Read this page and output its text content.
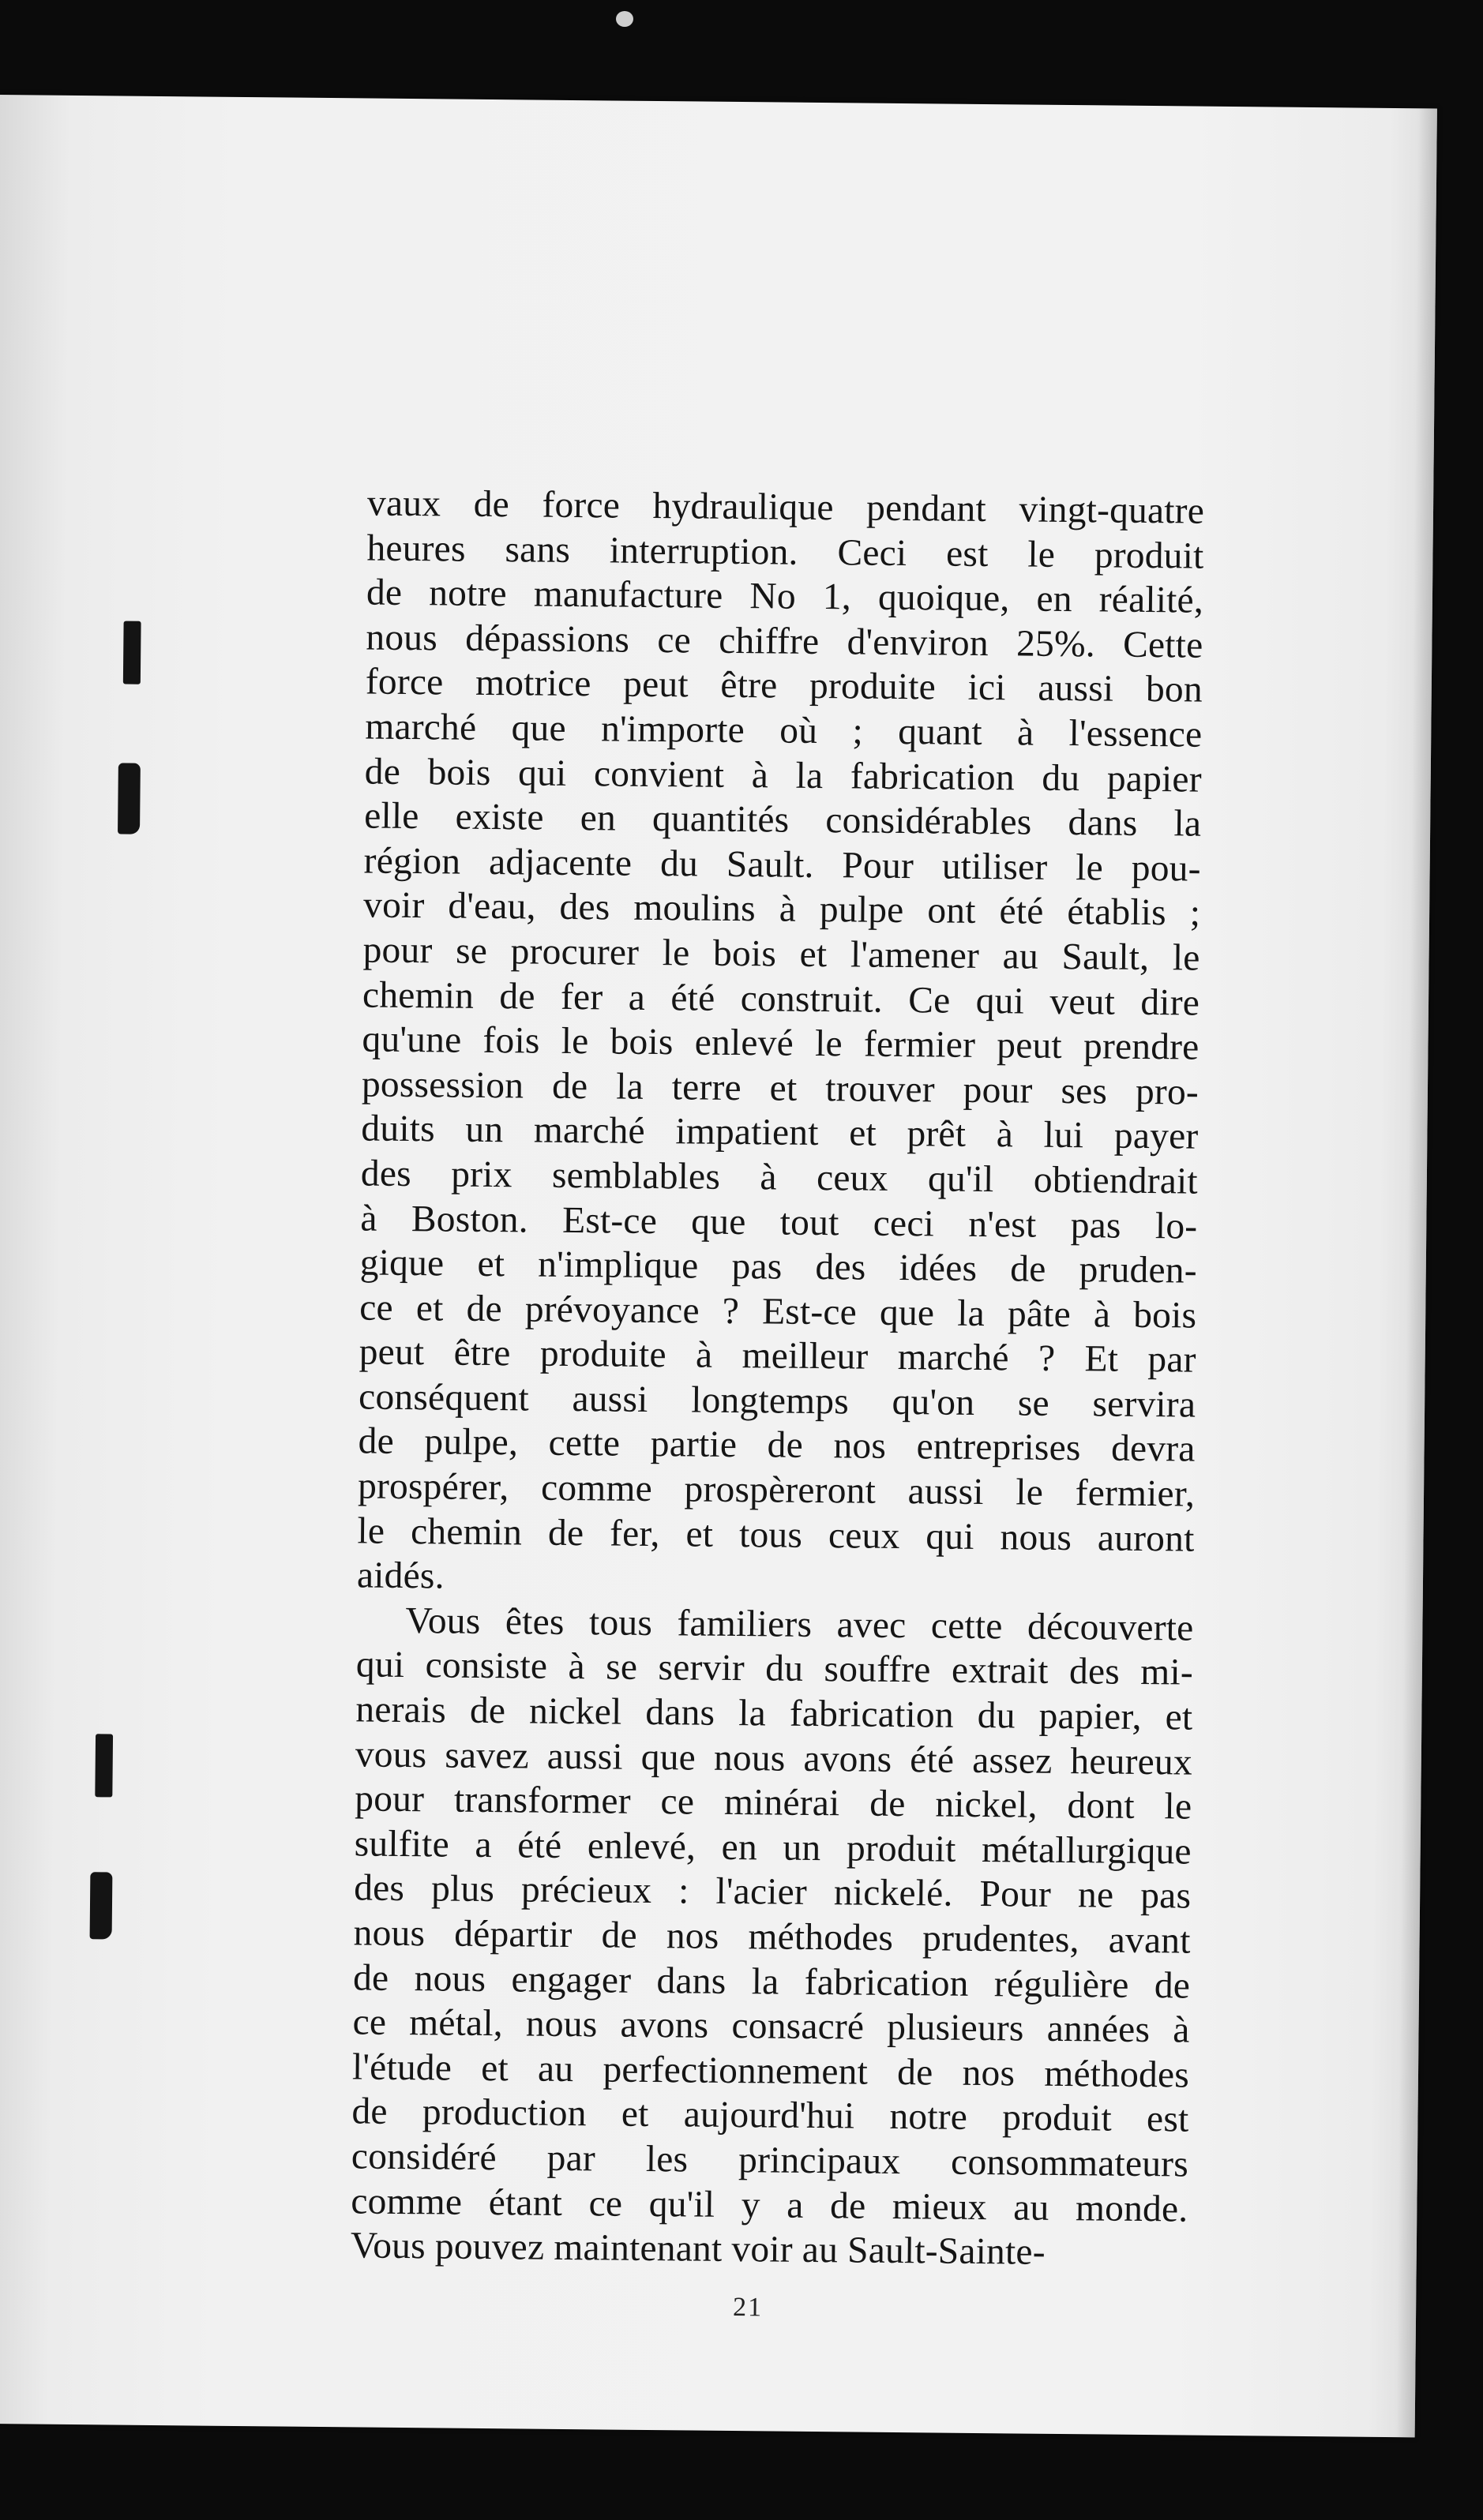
vaux de force hydraulique pendant vingt-quatre
heures sans interruption. Ceci est le produit
de notre manufacture No 1, quoique, en réalité,
nous dépassions ce chiffre d'environ 25%. Cette
force motrice peut être produite ici aussi bon
marché que n'importe où ; quant à l'essence
de bois qui convient à la fabrication du papier
elle existe en quantités considérables dans la
région adjacente du Sault. Pour utiliser le pou-
voir d'eau, des moulins à pulpe ont été établis ;
pour se procurer le bois et l'amener au Sault, le
chemin de fer a été construit. Ce qui veut dire
qu'une fois le bois enlevé le fermier peut prendre
possession de la terre et trouver pour ses pro-
duits un marché impatient et prêt à lui payer
des prix semblables à ceux qu'il obtiendrait
à Boston. Est-ce que tout ceci n'est pas lo-
gique et n'implique pas des idées de pruden-
ce et de prévoyance ? Est-ce que la pâte à bois
peut être produite à meilleur marché ? Et par
conséquent aussi longtemps qu'on se servira
de pulpe, cette partie de nos entreprises devra
prospérer, comme prospèreront aussi le fermier,
le chemin de fer, et tous ceux qui nous auront
aidés.
Vous êtes tous familiers avec cette découverte
qui consiste à se servir du souffre extrait des mi-
nerais de nickel dans la fabrication du papier, et
vous savez aussi que nous avons été assez heureux
pour transformer ce minérai de nickel, dont le
sulfite a été enlevé, en un produit métallurgique
des plus précieux : l'acier nickelé. Pour ne pas
nous départir de nos méthodes prudentes, avant
de nous engager dans la fabrication régulière de
ce métal, nous avons consacré plusieurs années à
l'étude et au perfectionnement de nos méthodes
de production et aujourd'hui notre produit est
considéré par les principaux consommateurs
comme étant ce qu'il y a de mieux au monde.
Vous pouvez maintenant voir au Sault-Sainte-
21
